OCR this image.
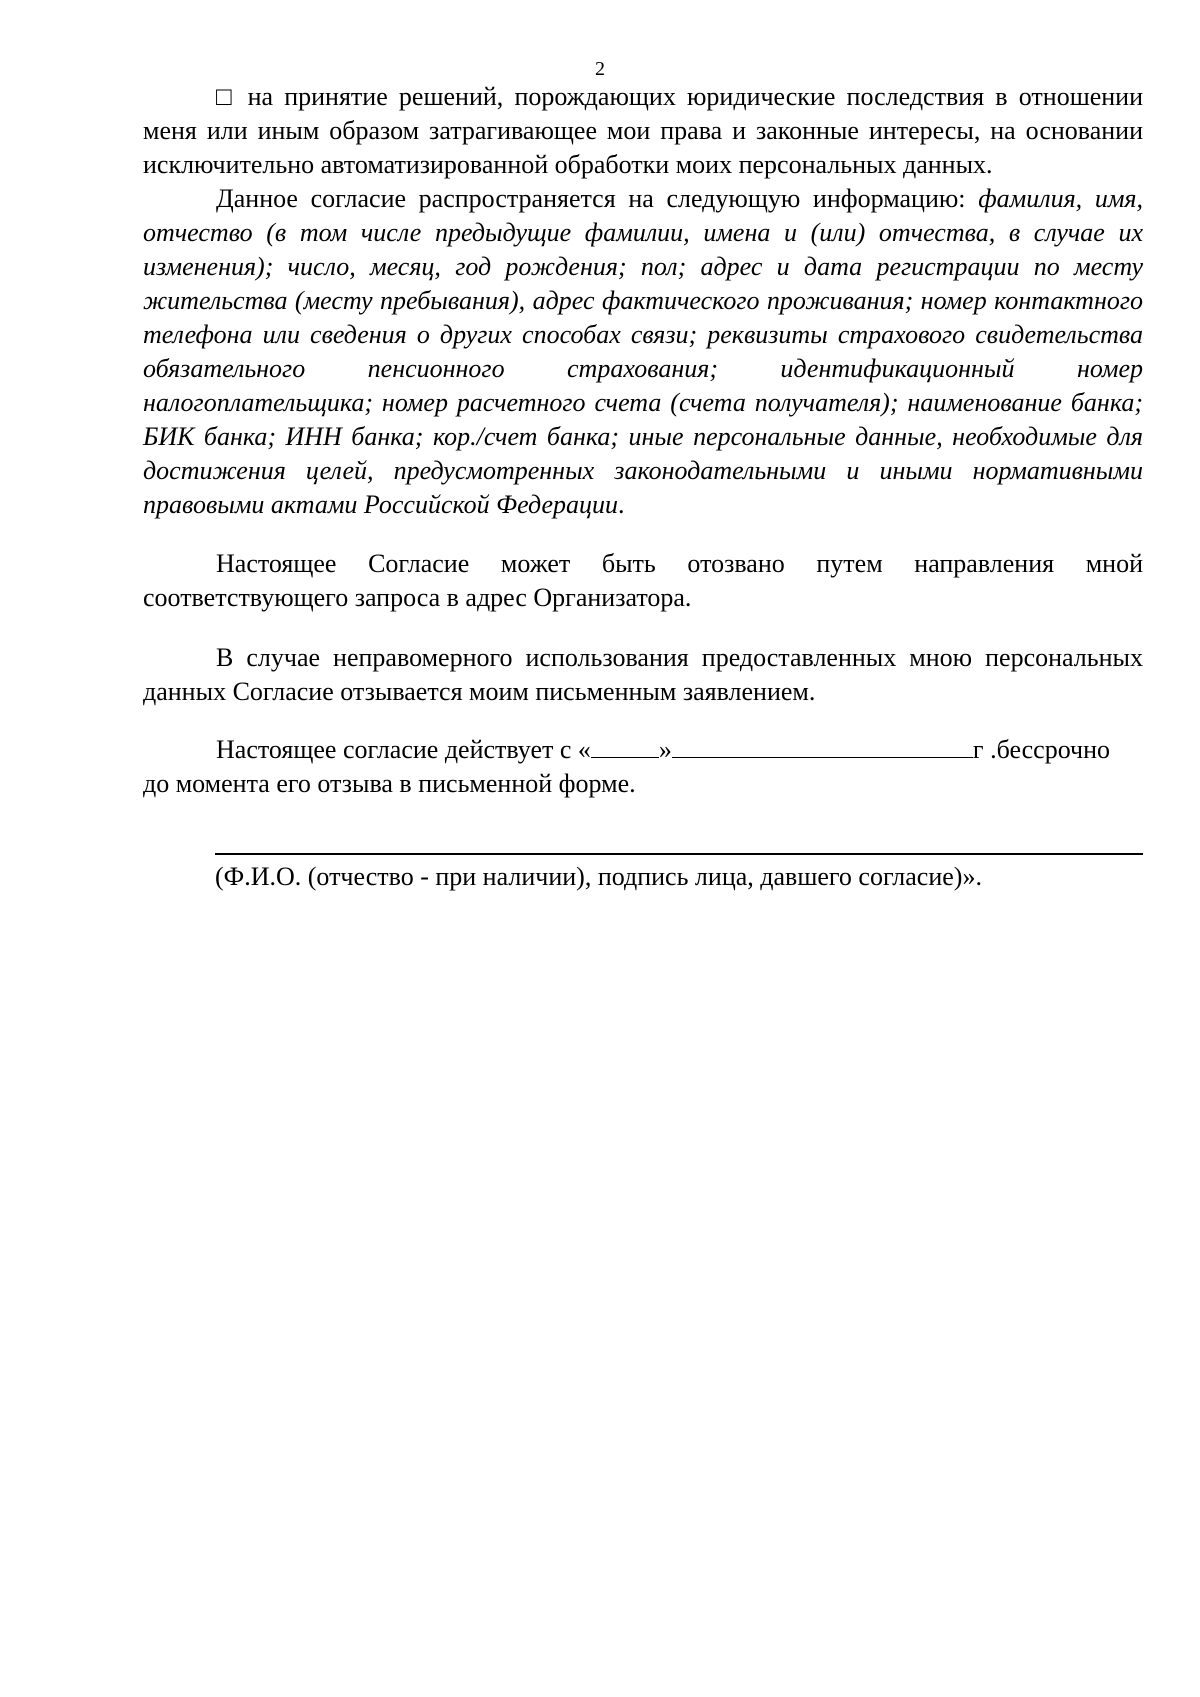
2

□ на принятие решений, порождающих юридические последствия в отношении меня или иным образом затрагивающее мои права и законные интересы, на основании исключительно автоматизированной обработки моих персональных данных.

Данное согласие распространяется на следующую информацию: фамилия, имя, отчество (в том числе предыдущие фамилии, имена и (или) отчества, в случае их изменения); число, месяц, год рождения; пол; адрес и дата регистрации по месту жительства (месту пребывания), адрес фактического проживания; номер контактного телефона или сведения о других способах связи; реквизиты страхового свидетельства обязательного пенсионного страхования; идентификационный номер налогоплательщика; номер расчетного счета (счета получателя); наименование банка; БИК банка; ИНН банка; кор./счет банка; иные персональные данные, необходимые для достижения целей, предусмотренных законодательными и иными нормативными правовыми актами Российской Федерации.

Настоящее Согласие может быть отозвано путем направления мной соответствующего запроса в адрес Организатора.

В случае неправомерного использования предоставленных мною персональных данных Согласие отзывается моим письменным заявлением.

Настоящее согласие действует с «	»	г .бессрочно

до момента его отзыва в письменной форме.

(Ф.И.О. (отчество - при наличии), подпись лица, давшего согласие)».
